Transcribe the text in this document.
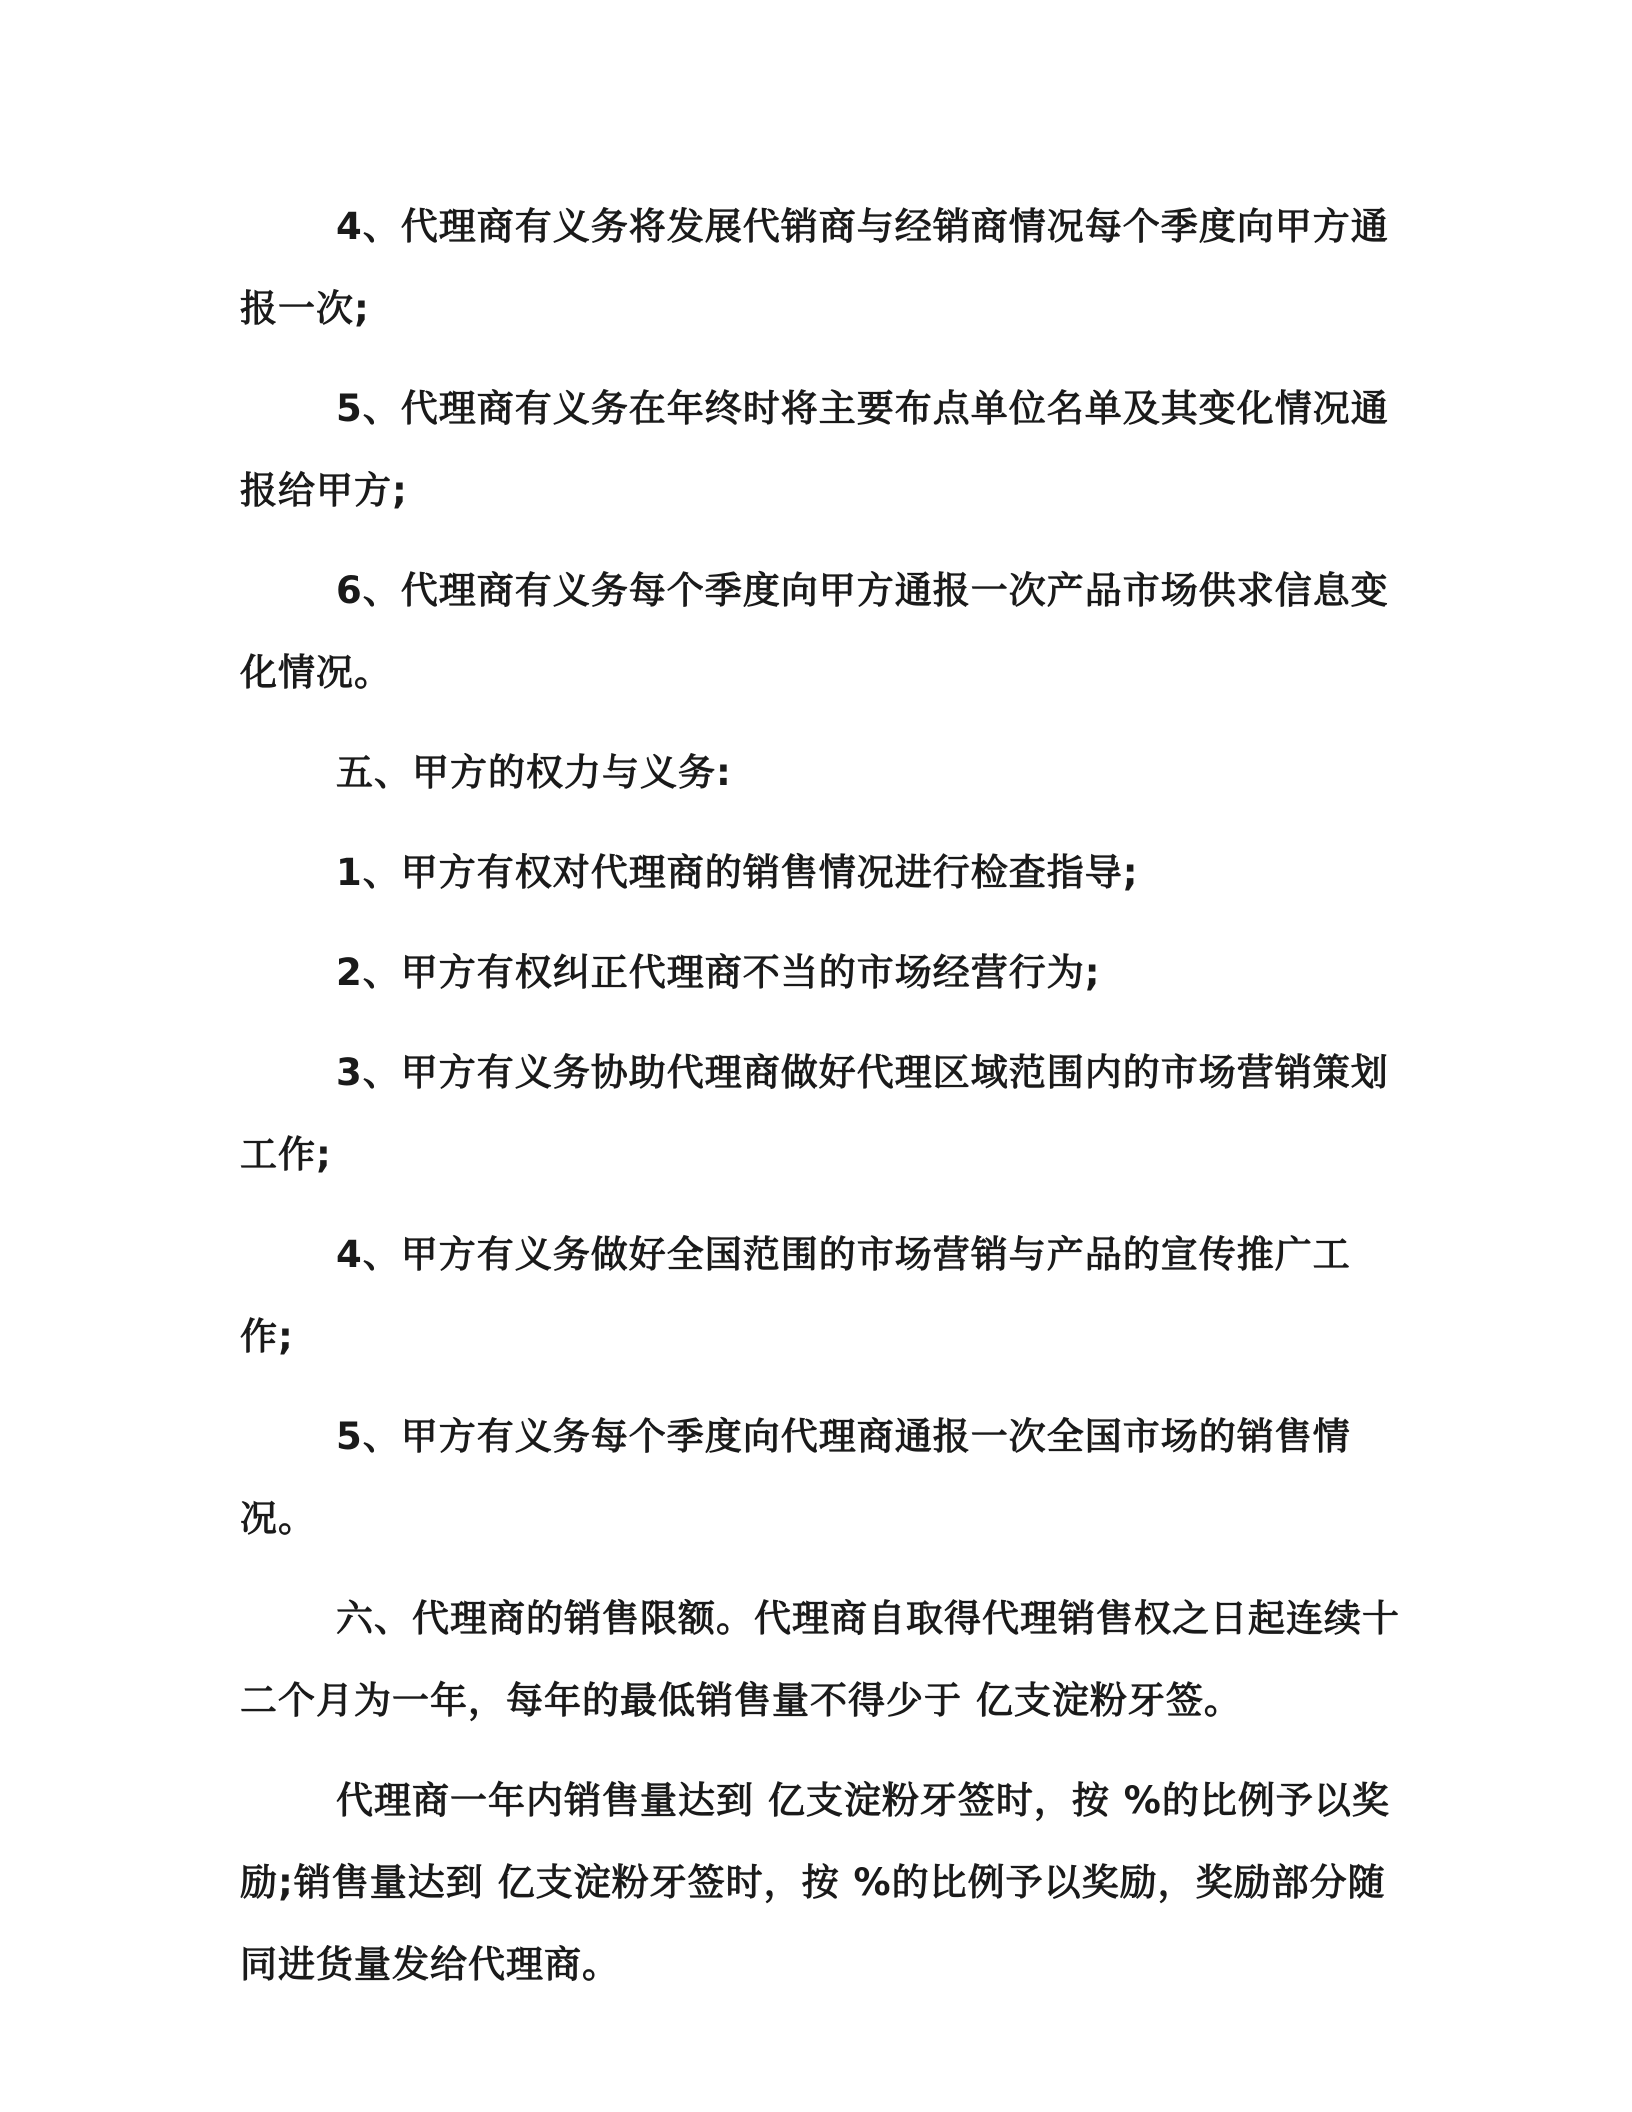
4、代理商有义务将发展代销商与经销商情况每个季度向甲方通报一次;

5、代理商有义务在年终时将主要布点单位名单及其变化情况通报给甲方;

6、代理商有义务每个季度向甲方通报一次产品市场供求信息变化情况。

五、甲方的权力与义务:

1、甲方有权对代理商的销售情况进行检查指导;

2、甲方有权纠正代理商不当的市场经营行为;

3、甲方有义务协助代理商做好代理区域范围内的市场营销策划工作;

4、甲方有义务做好全国范围的市场营销与产品的宣传推广工作;

5、甲方有义务每个季度向代理商通报一次全国市场的销售情况。

六、代理商的销售限额。代理商自取得代理销售权之日起连续十二个月为一年，每年的最低销售量不得少于 亿支淀粉牙签。

代理商一年内销售量达到 亿支淀粉牙签时，按 %的比例予以奖励;销售量达到 亿支淀粉牙签时，按 %的比例予以奖励，奖励部分随同进货量发给代理商。
